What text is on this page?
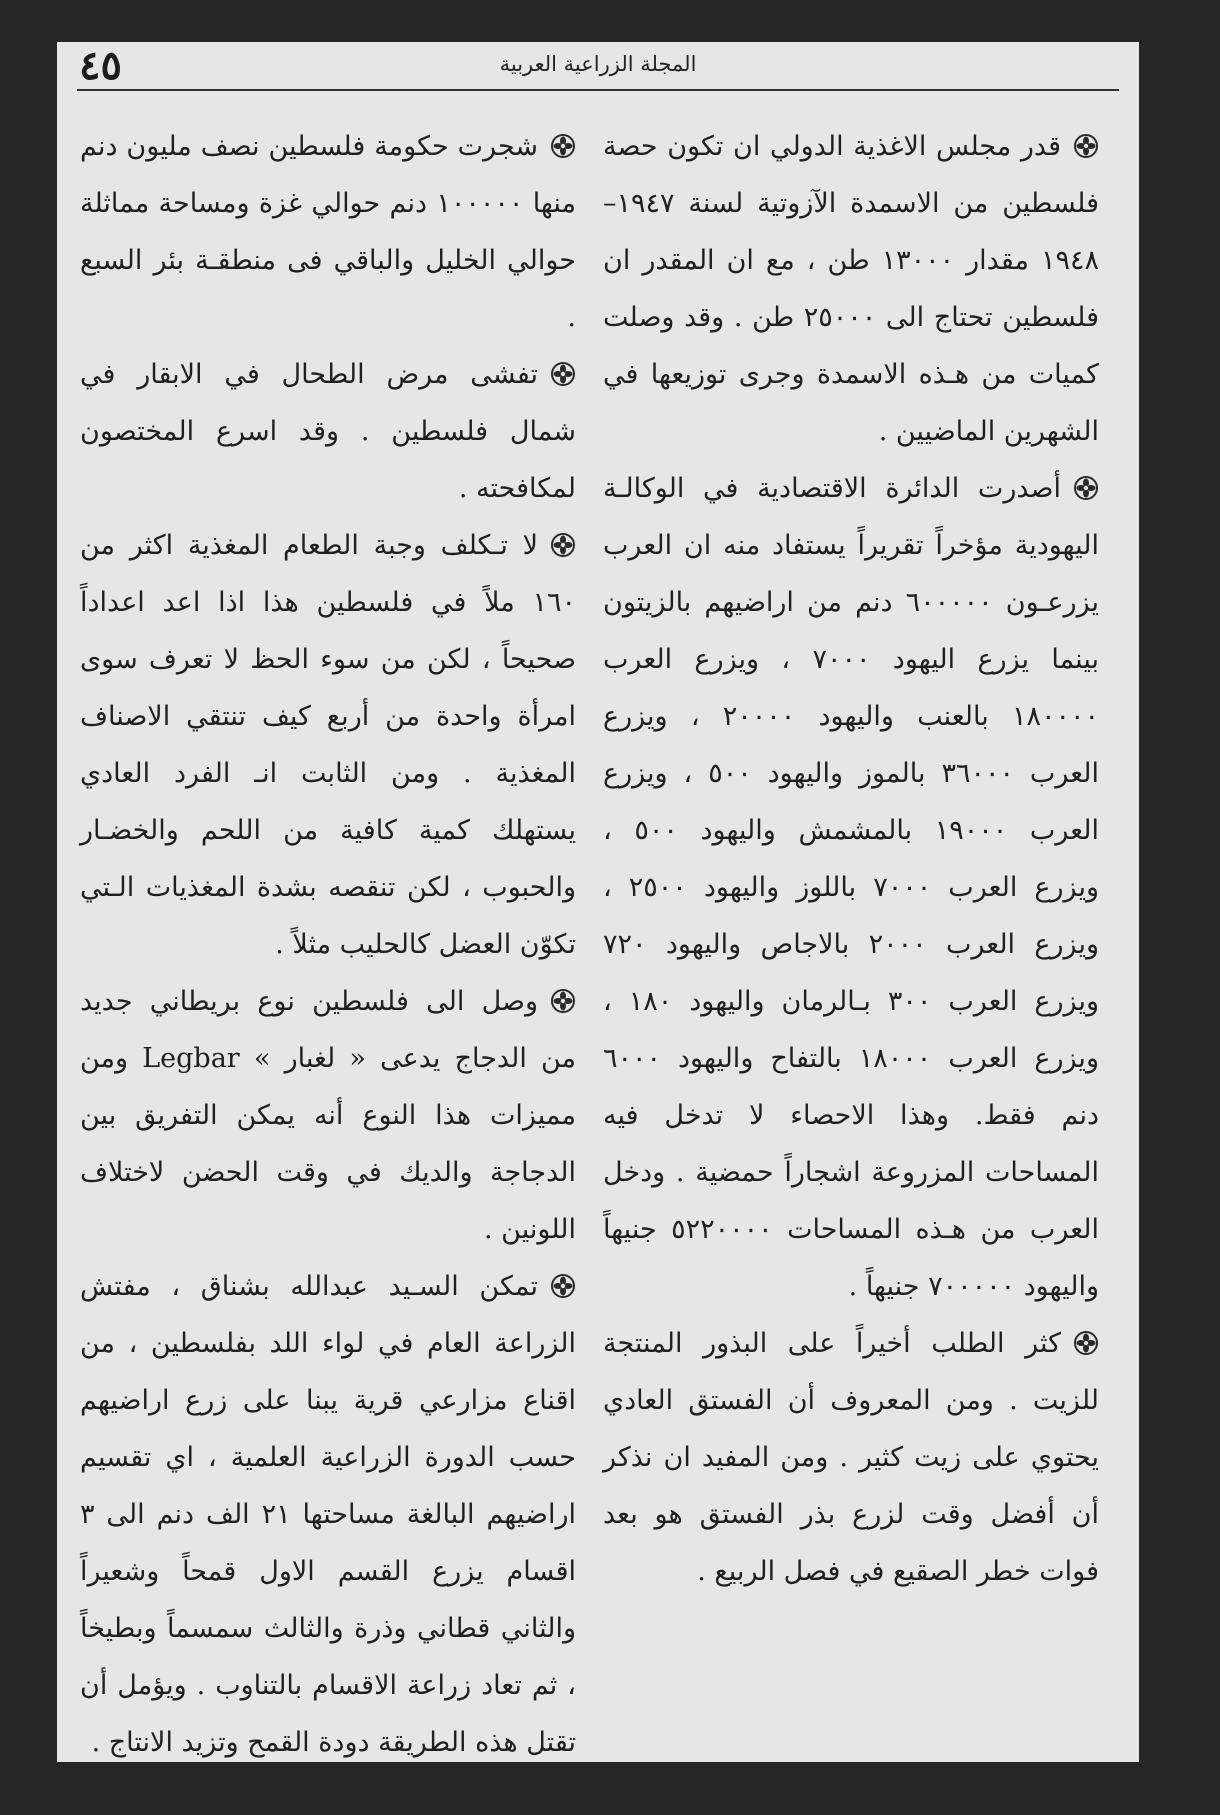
٤٥	المجلة الزراعية العربية

قدر مجلس الاغذية الدولي ان تكون حصة فلسطين من الاسمدة الآزوتية لسنة ١٩٤٧–١٩٤٨ مقدار ١٣٠٠٠ طن ، مع ان المقدر ان فلسطين تحتاج الى ٢٥٠٠٠ طن . وقد وصلت كميات من هـذه الاسمدة وجرى توزيعها في الشهرين الماضيين .

أصدرت الدائرة الاقتصادية في الوكالـة اليهودية مؤخراً تقريراً يستفاد منه ان العرب يزرعـون ٦٠٠٠٠٠ دنم من اراضيهم بالزيتون بينما يزرع اليهود ٧٠٠٠ ، ويزرع العرب ١٨٠٠٠٠ بالعنب واليهود ٢٠٠٠٠ ، ويزرع العرب ٣٦٠٠٠ بالموز واليهود ٥٠٠ ، ويزرع العرب ١٩٠٠٠ بالمشمش واليهود ٥٠٠ ، ويزرع العرب ٧٠٠٠ باللوز واليهود ٢٥٠٠ ، ويزرع العرب ٢٠٠٠ بالاجاص واليهود ٧٢٠ ويزرع العرب ٣٠٠ بـالرمان واليهود ١٨٠ ، ويزرع العرب ١٨٠٠٠ بالتفاح واليهود ٦٠٠٠ دنم فقط. وهذا الاحصاء لا تدخل فيه المساحات المزروعة اشجاراً حمضية . ودخل العرب من هـذه المساحات ٥٢٢٠٠٠٠ جنيهاً واليهود ٧٠٠٠٠٠ جنيهاً .

كثر الطلب أخيراً على البذور المنتجة للزيت . ومن المعروف أن الفستق العادي يحتوي على زيت كثير . ومن المفيد ان نذكر أن أفضل وقت لزرع بذر الفستق هو بعد فوات خطر الصقيع في فصل الربيع .

شجرت حكومة فلسطين نصف مليون دنم منها ١٠٠٠٠٠ دنم حوالي غزة ومساحة مماثلة حوالي الخليل والباقي فى منطقـة بئر السبع .

تفشى مرض الطحال في الابقار في شمال فلسطين . وقد اسرع المختصون لمكافحته .

لا تـكلف وجبة الطعام المغذية اكثر من ١٦٠ ملاً في فلسطين هذا اذا اعد اعداداً صحيحاً ، لكن من سوء الحظ لا تعرف سوى امرأة واحدة من أربع كيف تنتقي الاصناف المغذية . ومن الثابت انـ الفرد العادي يستهلك كمية كافية من اللحم والخضـار والحبوب ، لكن تنقصه بشدة المغذيات الـتي تكوّن العضل كالحليب مثلاً .

وصل الى فلسطين نوع بريطاني جديد من الدجاج يدعى « لغبار » Legbar ومن مميزات هذا النوع أنه يمكن التفريق بين الدجاجة والديك في وقت الحضن لاختلاف اللونين .

تمكن السـيد عبدالله بشناق ، مفتش الزراعة العام في لواء اللد بفلسطين ، من اقناع مزارعي قرية يبنا على زرع اراضيهم حسب الدورة الزراعية العلمية ، اي تقسيم اراضيهم البالغة مساحتها ٢١ الف دنم الى ٣ اقسام يزرع القسم الاول قمحاً وشعيراً والثاني قطاني وذرة والثالث سمسماً وبطيخاً ، ثم تعاد زراعة الاقسام بالتناوب . ويؤمل أن تقتل هذه الطريقة دودة القمح وتزيد الانتاج .
